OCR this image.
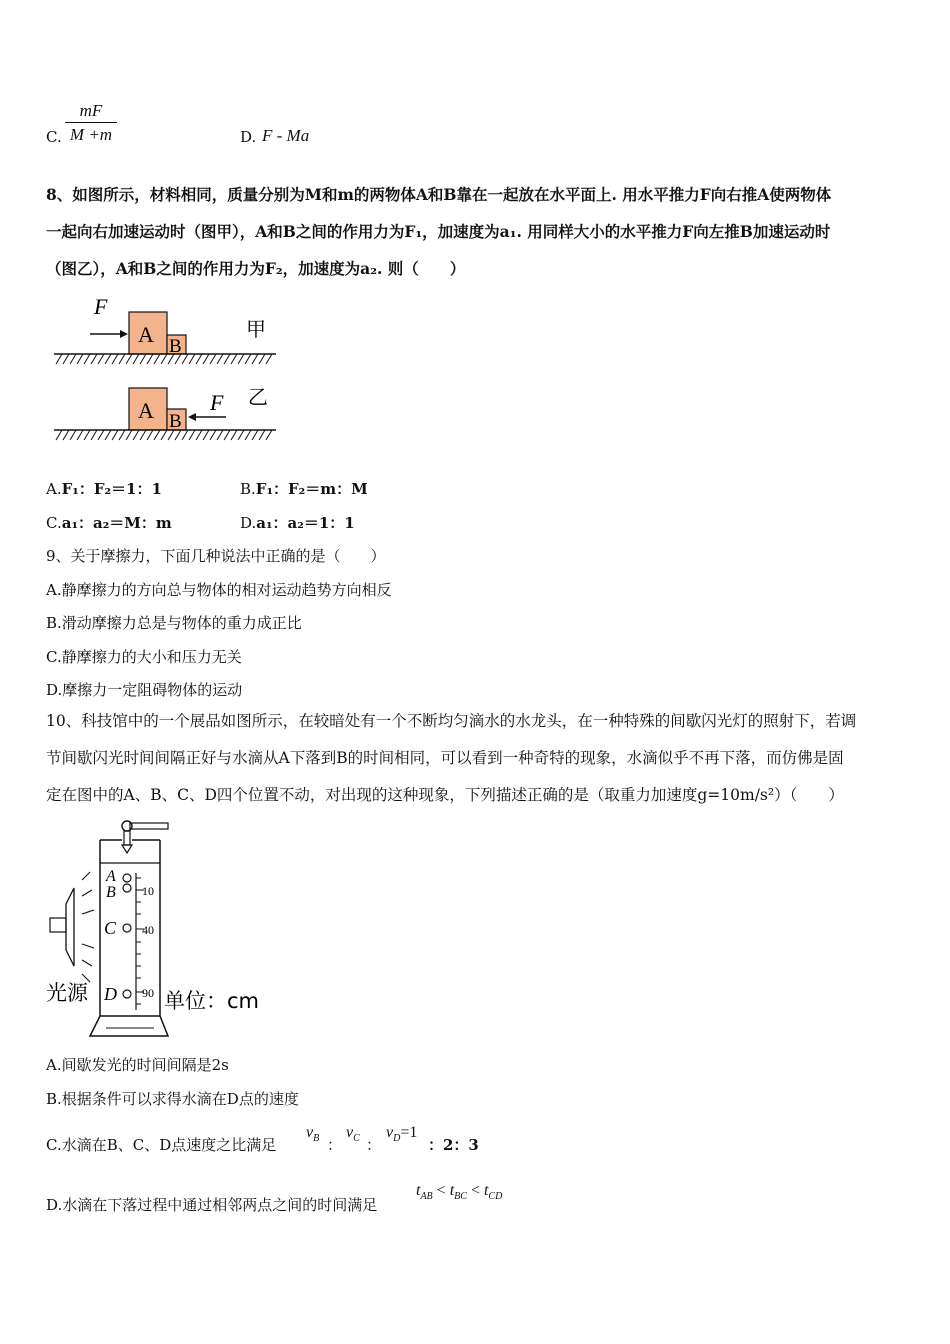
C.
mF
M +m	D. F - Ma
8、如图所示，材料相同，质量分别为M和m的两物体A和B靠在一起放在水平面上. 用水平推力F向右推A使两物体
一起向右加速运动时（图甲），A和B之间的作用力为F₁，加速度为a₁. 用同样大小的水平推力F向左推B加速运动时
（图乙），A和B之间的作用力为F₂，加速度为a₂. 则（　　）
F
A B
甲
A B
F 乙
A.F₁：F₂＝1：1	B.F₁：F₂＝m：M
C.a₁：a₂＝M：m	D.a₁：a₂＝1：1
9、关于摩擦力，下面几种说法中正确的是（　　）
A.静摩擦力的方向总与物体的相对运动趋势方向相反
B.滑动摩擦力总是与物体的重力成正比
C.静摩擦力的大小和压力无关
D.摩擦力一定阻碍物体的运动
10、科技馆中的一个展品如图所示，在较暗处有一个不断均匀滴水的水龙头，在一种特殊的间歇闪光灯的照射下，若调
节间歇闪光时间间隔正好与水滴从A下落到B的时间相同，可以看到一种奇特的现象，水滴似乎不再下落，而仿佛是固
定在图中的A、B、C、D四个位置不动，对出现的这种现象，下列描述正确的是（取重力加速度g=10m/s²）（　　）
10
40
90
A
B
C
D
光源	单位：cm
A.间歇发光的时间间隔是2s
B.根据条件可以求得水滴在D点的速度
C.水滴在B、C、D点速度之比满足
$v_B$ ：
$v_C$ ：
$v_D=1$
：2：3
D.水滴在下落过程中通过相邻两点之间的时间满足
$t_{AB} < t_{BC} < t_{CD}$
